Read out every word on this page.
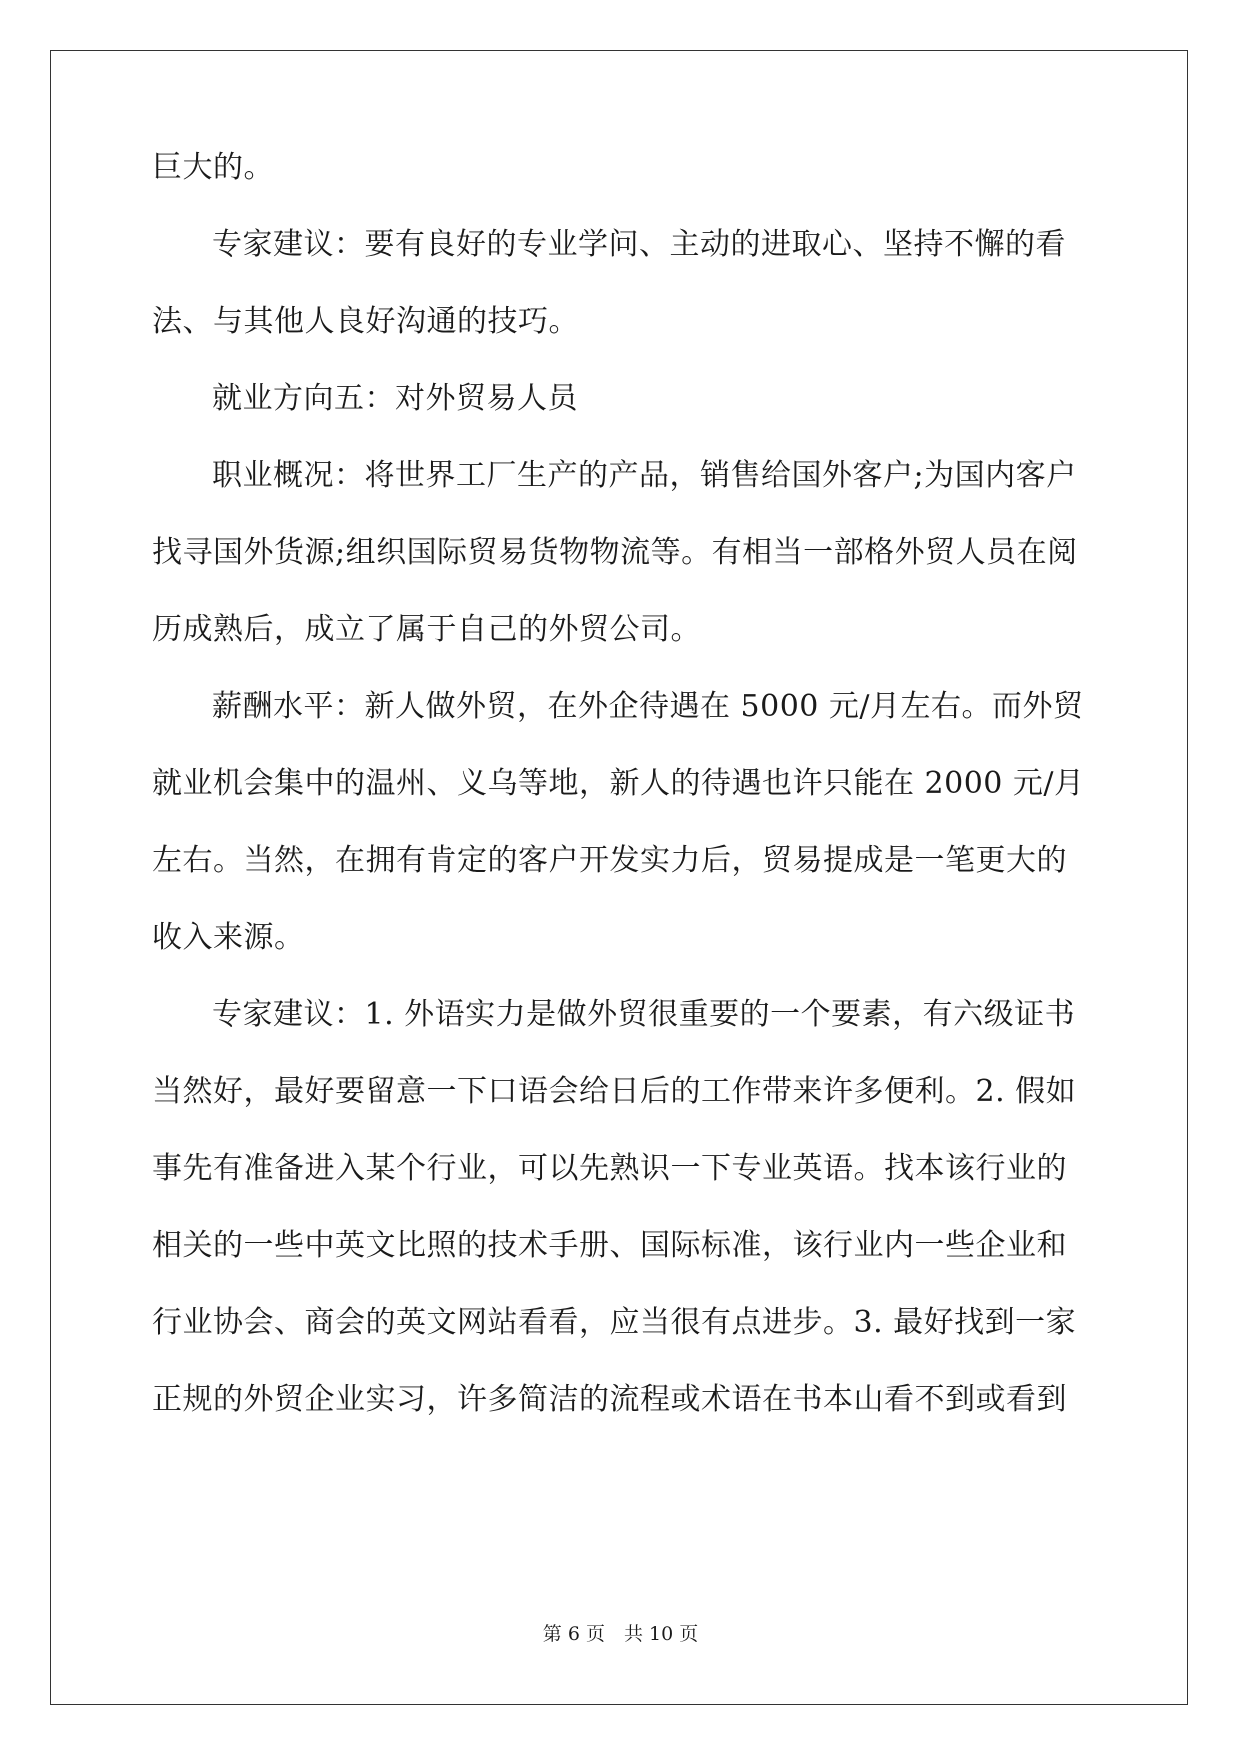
巨大的。
专家建议：要有良好的专业学问、主动的进取心、坚持不懈的看
法、与其他人良好沟通的技巧。
就业方向五：对外贸易人员
职业概况：将世界工厂生产的产品，销售给国外客户;为国内客户
找寻国外货源;组织国际贸易货物物流等。有相当一部格外贸人员在阅
历成熟后，成立了属于自己的外贸公司。
薪酬水平：新人做外贸，在外企待遇在 5000 元/月左右。而外贸
就业机会集中的温州、义乌等地，新人的待遇也许只能在 2000 元/月
左右。当然，在拥有肯定的客户开发实力后，贸易提成是一笔更大的
收入来源。
专家建议：1. 外语实力是做外贸很重要的一个要素，有六级证书
当然好，最好要留意一下口语会给日后的工作带来许多便利。2. 假如
事先有准备进入某个行业，可以先熟识一下专业英语。找本该行业的
相关的一些中英文比照的技术手册、国际标准，该行业内一些企业和
行业协会、商会的英文网站看看，应当很有点进步。3. 最好找到一家
正规的外贸企业实习，许多简洁的流程或术语在书本山看不到或看到
第 6 页　共 10 页
